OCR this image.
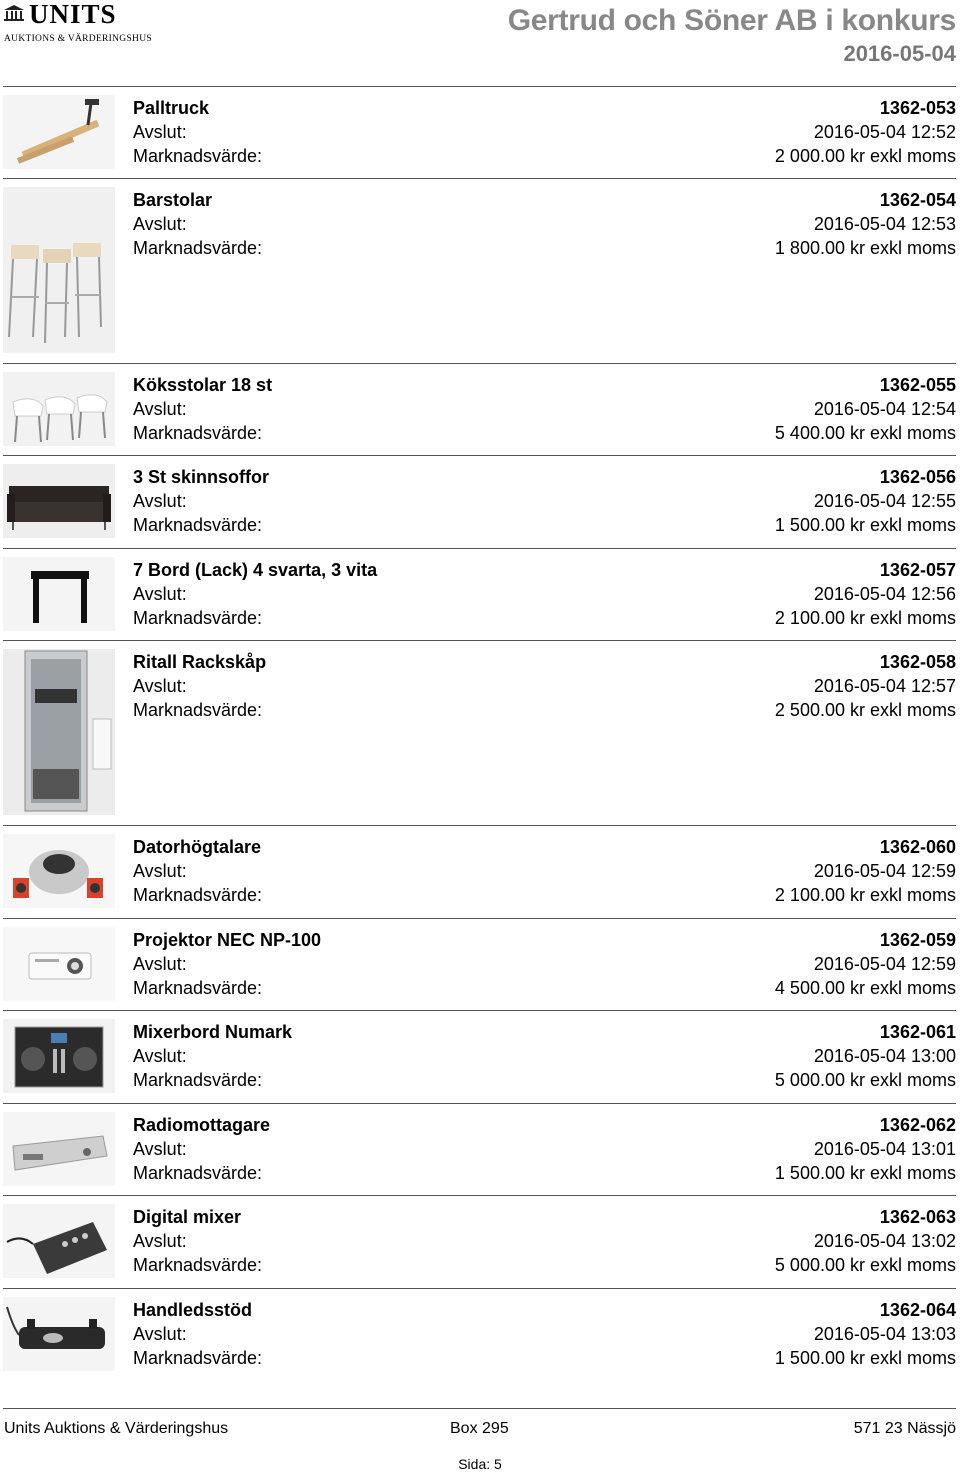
UNITS
AUKTIONS & VÄRDERINGSHUS
Gertrud och Söner AB i konkurs
2016-05-04
Palltruck
Avslut:
Marknadsvärde:
1362-053
2016-05-04 12:52
2 000.00 kr exkl moms
Barstolar
Avslut:
Marknadsvärde:
1362-054
2016-05-04 12:53
1 800.00 kr exkl moms
Köksstolar 18 st
Avslut:
Marknadsvärde:
1362-055
2016-05-04 12:54
5 400.00 kr exkl moms
3 St skinnsoffor
Avslut:
Marknadsvärde:
1362-056
2016-05-04 12:55
1 500.00 kr exkl moms
7 Bord (Lack) 4 svarta, 3 vita
Avslut:
Marknadsvärde:
1362-057
2016-05-04 12:56
2 100.00 kr exkl moms
Ritall Rackskåp
Avslut:
Marknadsvärde:
1362-058
2016-05-04 12:57
2 500.00 kr exkl moms
Datorhögtalare
Avslut:
Marknadsvärde:
1362-060
2016-05-04 12:59
2 100.00 kr exkl moms
Projektor NEC NP-100
Avslut:
Marknadsvärde:
1362-059
2016-05-04 12:59
4 500.00 kr exkl moms
Mixerbord Numark
Avslut:
Marknadsvärde:
1362-061
2016-05-04 13:00
5 000.00 kr exkl moms
Radiomottagare
Avslut:
Marknadsvärde:
1362-062
2016-05-04 13:01
1 500.00 kr exkl moms
Digital mixer
Avslut:
Marknadsvärde:
1362-063
2016-05-04 13:02
5 000.00 kr exkl moms
Handledsstöd
Avslut:
Marknadsvärde:
1362-064
2016-05-04 13:03
1 500.00 kr exkl moms
Units Auktions & Värderingshus	Box 295	571 23 Nässjö
Sida: 5
